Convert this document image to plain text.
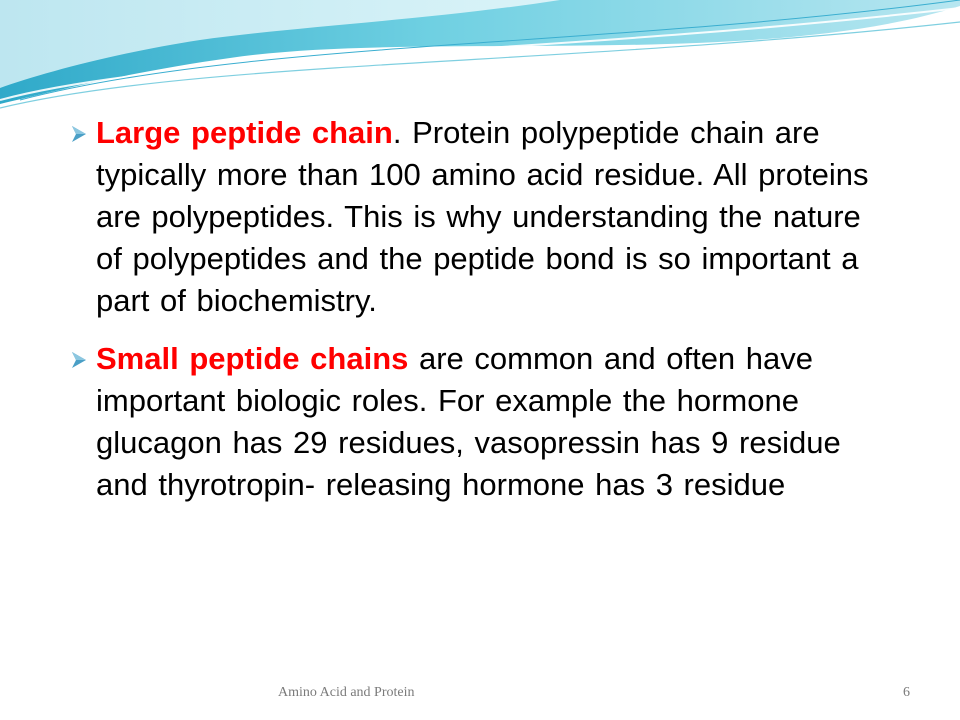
Large peptide chain. Protein polypeptide chain are typically more than 100 amino acid residue. All proteins are polypeptides. This is why understanding the nature of polypeptides and the peptide bond is so important a part of biochemistry.
Small peptide chains are common and often have important biologic roles. For example the hormone glucagon has 29 residues, vasopressin has 9 residue and thyrotropin- releasing hormone has 3 residue
Amino Acid and Protein	6
